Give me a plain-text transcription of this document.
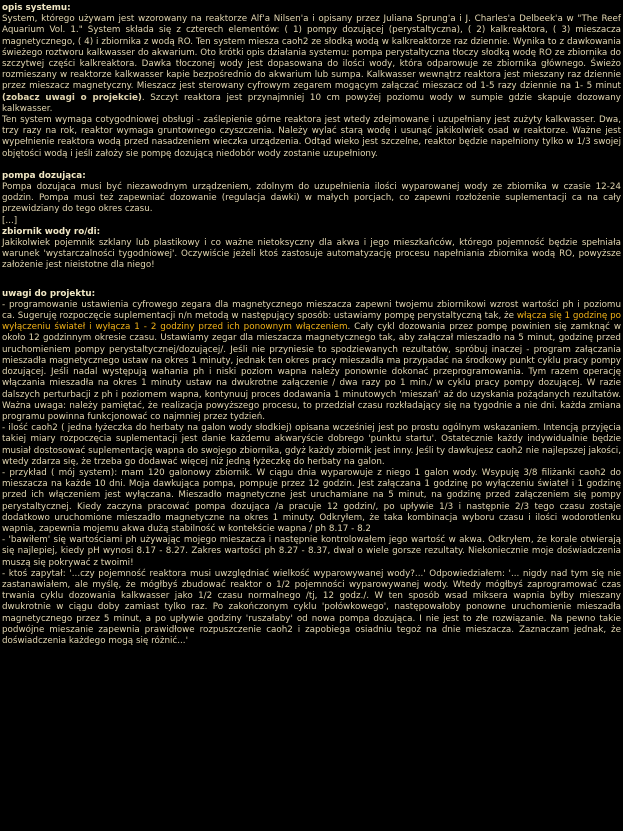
opis systemu:

System, którego używam jest wzorowany na reaktorze Alf'a Nilsen'a i opisany przez Juliana Sprung'a i J. Charles'a Delbeek'a w "The Reef Aquarium Vol. 1." System składa się z czterech elementów: ( 1) pompy dozującej (perystaltyczna), ( 2) kalkreaktora, ( 3) mieszacza magnetycznego, ( 4) i zbiornika z wodą RO. Ten system miesza caoh2 ze słodką wodą w kalkreaktorze raz dziennie. Wynika to z dawkowania świeżego roztworu kalkwasser do akwarium. Oto krótki opis działania systemu: pompa perystaltyczna tłoczy słodką wodę RO ze zbiornika do szczytwej części kalkreaktora. Dawka tłoczonej wody jest dopasowana do ilości wody, która odparowuje ze zbiornika głównego. Świeżo rozmieszany w reaktorze kalkwasser kapie bezpośrednio do akwarium lub sumpa. Kalkwasser wewnątrz reaktora jest mieszany raz dziennie przez mieszacz magnetyczny. Mieszacz jest sterowany cyfrowym zegarem mogącym załączać mieszacz od 1-5 razy dziennie na 1- 5 minut (zobacz uwagi o projekcie). Szczyt reaktora jest przynajmniej 10 cm powyżej poziomu wody w sumpie gdzie skapuje dozowany kalkwasser.

Ten system wymaga cotygodniowej obsługi - zaślepienie górne reaktora jest wtedy zdejmowane i uzupełniany jest zużyty kalkwasser. Dwa, trzy razy na rok, reaktor wymaga gruntownego czyszczenia. Należy wylać starą wodę i usunąć jakikolwiek osad w reaktorze. Ważne jest wypełnienie reaktora wodą przed nasadzeniem wieczka urządzenia. Odtąd wieko jest szczelne, reaktor będzie napełniony tylko w 1/3 swojej objętości wodą i jeśli założy sie pompę dozującą niedobór wody zostanie uzupełniony.

pompa dozująca:

Pompa dozująca musi być niezawodnym urządzeniem, zdolnym do uzupełnienia ilości wyparowanej wody ze zbiornika w czasie 12-24 godzin. Pompa musi też zapewniać dozowanie (regulacja dawki) w małych porcjach, co zapewni rozłożenie suplementacji ca na cały przewidziany do tego okres czasu.

[...]

zbiornik wody ro/di:

Jakikolwiek pojemnik szklany lub plastikowy i co ważne nietoksyczny dla akwa i jego mieszkańców, którego pojemność będzie spełniała warunek 'wystarczalności tygodniowej'. Oczywiście jeżeli ktoś zastosuje automatyzację procesu napełniania zbiornika wodą RO, powyższe założenie jest nieistotne dla niego!

uwagi do projektu:

- programowanie ustawienia cyfrowego zegara dla magnetycznego mieszacza zapewni twojemu zbiornikowi wzrost wartości ph i poziomu ca. Sugeruję rozpoczęcie suplementacji n/n metodą w następujący sposób: ustawiamy pompę perystaltyczną tak, że włącza się 1 godzinę po wyłączeniu świateł i wyłącza 1 - 2 godziny przed ich ponownym włączeniem. Cały cykl dozowania przez pompę powinien się zamknąć w około 12 godzinnym okresie czasu. Ustawiamy zegar dla mieszacza magnetycznego tak, aby załączał mieszadło na 5 minut, godzinę przed uruchomieniem pompy perystaltycznej/dozującej/. Jeśli nie przyniesie to spodziewanych rezultatów, spróbuj inaczej - program załączania mieszadła magnetycznego ustaw na okres 1 minuty, jednak ten okres pracy mieszadła ma przypadać na środkowy punkt cyklu pracy pompy dozującej. Jeśli nadal występują wahania ph i niski poziom wapna należy ponownie dokonać przeprogramowania. Tym razem operację włączania mieszadła na okres 1 minuty ustaw na dwukrotne załączenie / dwa razy po 1 min./ w cyklu pracy pompy dozującej. W razie dalszych perturbacji z ph i poziomem wapna, kontynuuj proces dodawania 1 minutowych 'mieszań' aż do uzyskania pożądanych rezultatów. Ważna uwaga: należy pamiętać, że realizacja powyższego procesu, to przedział czasu rozkładający się na tygodnie a nie dni. każda zmiana programu powinna funkcjonować co najmniej przez tydzień.

- ilość caoh2 ( jedna łyżeczka do herbaty na galon wody słodkiej) opisana wcześniej jest po prostu ogólnym wskazaniem. Intencją przyjęcia takiej miary rozpoczęcia suplementacji jest danie każdemu akwaryście dobrego 'punktu startu'. Ostatecznie każdy indywidualnie będzie musiał dostosować suplementację wapna do swojego zbiornika, gdyż każdy zbiornik jest inny. Jeśli ty dawkujesz caoh2 nie najlepszej jakości, wtedy zdarza się, że trzeba go dodawać więcej niż jedną łyżeczkę do herbaty na galon.

- przykład ( mój system): mam 120 galonowy zbiornik. W ciągu dnia wyparowuje z niego 1 galon wody. Wsypuję 3/8 filiżanki caoh2 do mieszacza na każde 10 dni. Moja dawkująca pompa, pompuje przez 12 godzin. Jest załączana 1 godzinę po wyłączeniu świateł i 1 godzinę przed ich włączeniem jest wyłączana. Mieszadło magnetyczne jest uruchamiane na 5 minut, na godzinę przed załączeniem się pompy perystaltycznej. Kiedy zaczyna pracować pompa dozująca /a pracuje 12 godzin/, po upływie 1/3 i następnie 2/3 tego czasu zostaje dodatkowo uruchomione mieszadło magnetyczne na okres 1 minuty. Odkryłem, że taka kombinacja wyboru czasu i ilości wodorotlenku wapnia, zapewnia mojemu akwa dużą stabilność w kontekście wapna / ph 8.17 - 8.2

- 'bawiłem' się wartościami ph używając mojego mieszacza i następnie kontrolowałem jego wartość w akwa. Odkryłem, że korale otwierają się najlepiej, kiedy pH wynosi 8.17 - 8.27. Zakres wartości ph 8.27 - 8.37, dwał o wiele gorsze rezultaty. Niekoniecznie moje doświadczenia muszą się pokrywać z twoimi!

- ktoś zapytał: '...czy pojemność reaktora musi uwzględniać wielkość wyparowywanej wody?...' Odpowiedziałem: '... nigdy nad tym się nie zastanawiałem, ale myślę, że mógłbyś zbudować reaktor o 1/2 pojemności wyparowywanej wody. Wtedy mógłbyś zaprogramować czas trwania cyklu dozowania kalkwasser jako 1/2 czasu normalnego /tj, 12 godz./. W ten sposób wsad miksera wapnia byłby mieszany dwukrotnie w ciągu doby zamiast tylko raz. Po zakończonym cyklu 'połówkowego', następowałoby ponowne uruchomienie mieszadła magnetycznego przez 5 minut, a po upływie godziny 'ruszałaby' od nowa pompa dozująca. I nie jest to złe rozwiązanie. Na pewno takie podwójne mieszanie zapewnia prawidłowe rozpuszczenie caoh2 i zapobiega osiadniu tegoż na dnie mieszacza. Zaznaczam jednak, że doświadczenia każdego mogą się różnić...'
